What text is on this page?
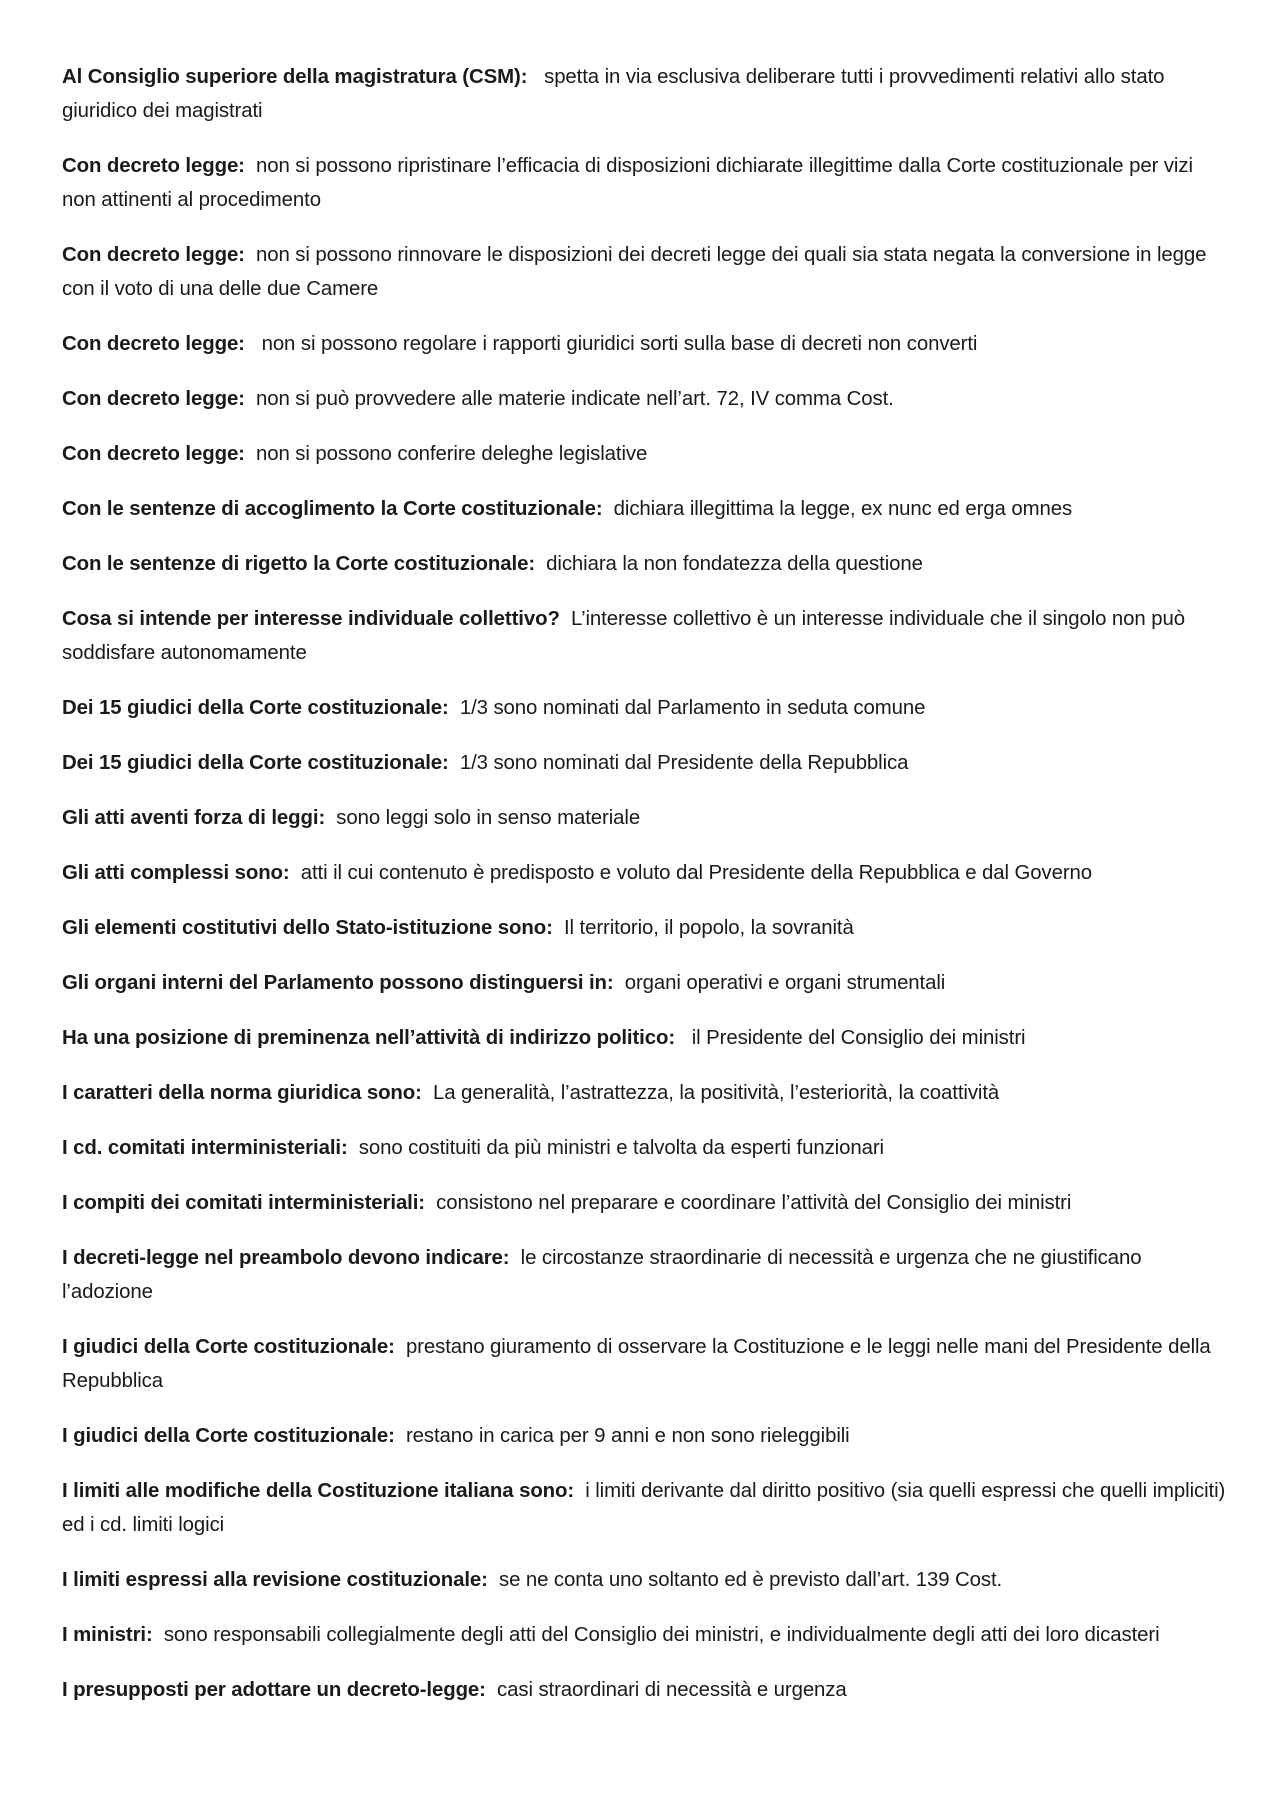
Al Consiglio superiore della magistratura (CSM): spetta in via esclusiva deliberare tutti i provvedimenti relativi allo stato giuridico dei magistrati

Con decreto legge: non si possono ripristinare l’efficacia di disposizioni dichiarate illegittime dalla Corte costituzionale per vizi non attinenti al procedimento

Con decreto legge: non si possono rinnovare le disposizioni dei decreti legge dei quali sia stata negata la conversione in legge con il voto di una delle due Camere

Con decreto legge: non si possono regolare i rapporti giuridici sorti sulla base di decreti non converti

Con decreto legge: non si può provvedere alle materie indicate nell’art. 72, IV comma Cost.

Con decreto legge: non si possono conferire deleghe legislative

Con le sentenze di accoglimento la Corte costituzionale: dichiara illegittima la legge, ex nunc ed erga omnes

Con le sentenze di rigetto la Corte costituzionale: dichiara la non fondatezza della questione

Cosa si intende per interesse individuale collettivo? L’interesse collettivo è un interesse individuale che il singolo non può soddisfare autonomamente

Dei 15 giudici della Corte costituzionale: 1/3 sono nominati dal Parlamento in seduta comune

Dei 15 giudici della Corte costituzionale: 1/3 sono nominati dal Presidente della Repubblica

Gli atti aventi forza di leggi: sono leggi solo in senso materiale

Gli atti complessi sono: atti il cui contenuto è predisposto e voluto dal Presidente della Repubblica e dal Governo

Gli elementi costitutivi dello Stato-istituzione sono: Il territorio, il popolo, la sovranità

Gli organi interni del Parlamento possono distinguersi in: organi operativi e organi strumentali

Ha una posizione di preminenza nell’attività di indirizzo politico: il Presidente del Consiglio dei ministri

I caratteri della norma giuridica sono: La generalità, l’astrattezza, la positività, l’esteriorità, la coattività

I cd. comitati interministeriali: sono costituiti da più ministri e talvolta da esperti funzionari

I compiti dei comitati interministeriali: consistono nel preparare e coordinare l’attività del Consiglio dei ministri

I decreti-legge nel preambolo devono indicare: le circostanze straordinarie di necessità e urgenza che ne giustificano l’adozione

I giudici della Corte costituzionale: prestano giuramento di osservare la Costituzione e le leggi nelle mani del Presidente della Repubblica

I giudici della Corte costituzionale: restano in carica per 9 anni e non sono rieleggibili

I limiti alle modifiche della Costituzione italiana sono: i limiti derivante dal diritto positivo (sia quelli espressi che quelli impliciti) ed i cd. limiti logici

I limiti espressi alla revisione costituzionale: se ne conta uno soltanto ed è previsto dall’art. 139 Cost.

I ministri: sono responsabili collegialmente degli atti del Consiglio dei ministri, e individualmente degli atti dei loro dicasteri

I presupposti per adottare un decreto-legge: casi straordinari di necessità e urgenza
